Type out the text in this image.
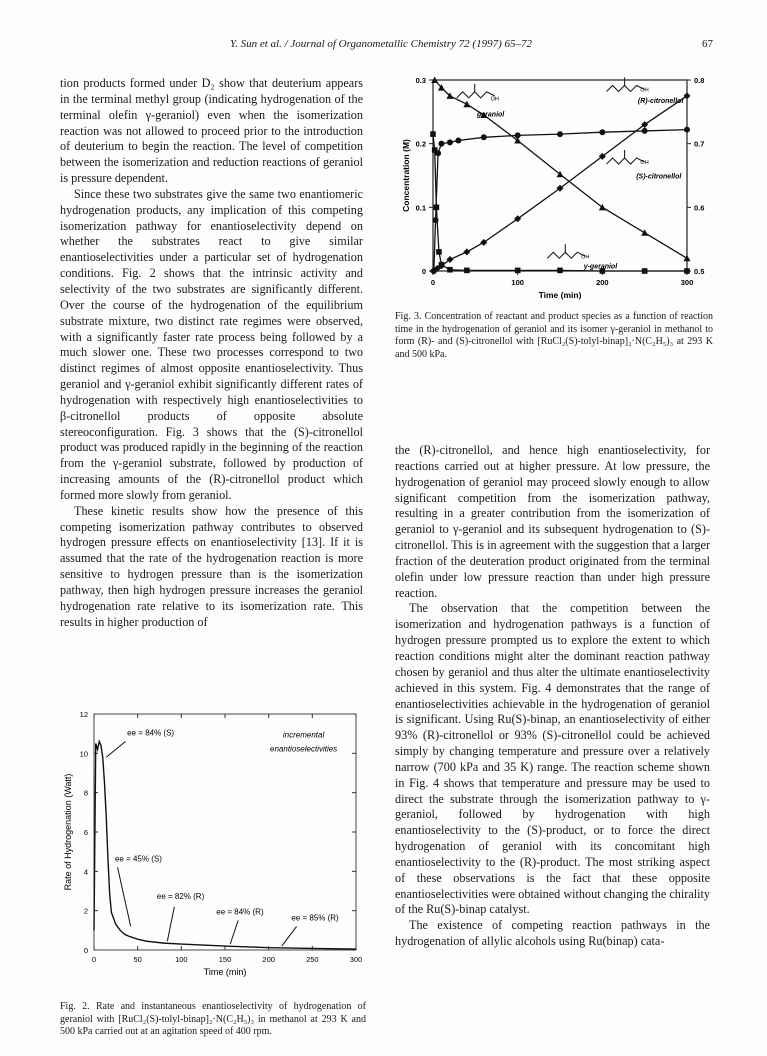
Y. Sun et al. / Journal of Organometallic Chemistry 72 (1997) 65–72	67

tion products formed under D₂ show that deuterium appears in the terminal methyl group (indicating hydrogenation of the terminal olefin γ-geraniol) even when the isomerization reaction was not allowed to proceed prior to the introduction of deuterium to begin the reaction. The level of competition between the isomerization and reduction reactions of geraniol is pressure dependent.

Since these two substrates give the same two enantiomeric hydrogenation products, any implication of this competing isomerization pathway for enantioselectivity depend on whether the substrates react to give similar enantioselectivities under a particular set of hydrogenation conditions. Fig. 2 shows that the intrinsic activity and selectivity of the two substrates are significantly different. Over the course of the hydrogenation of the equilibrium substrate mixture, two distinct rate regimes were observed, with a significantly faster rate process being followed by a much slower one. These two processes correspond to two distinct regimes of almost opposite enantioselectivity. Thus geraniol and γ-geraniol exhibit significantly different rates of hydrogenation with respectively high enantioselectivities to β-citronellol products of opposite absolute stereoconfiguration. Fig. 3 shows that the (S)-citronellol product was produced rapidly in the beginning of the reaction from the γ-geraniol substrate, followed by production of increasing amounts of the (R)-citronellol product which formed more slowly from geraniol.

These kinetic results show how the presence of this competing isomerization pathway contributes to observed hydrogen pressure effects on enantioselectivity [13]. If it is assumed that the rate of the hydrogenation reaction is more sensitive to hydrogen pressure than is the isomerization pathway, then high hydrogen pressure increases the geraniol hydrogenation rate relative to its isomerization rate. This results in higher production of

the (R)-citronellol, and hence high enantioselectivity, for reactions carried out at higher pressure. At low pressure, the hydrogenation of geraniol may proceed slowly enough to allow significant competition from the isomerization pathway, resulting in a greater contribution from the isomerization of geraniol to γ-geraniol and its subsequent hydrogenation to (S)-citronellol. This is in agreement with the suggestion that a larger fraction of the deuteration product originated from the terminal olefin under low pressure reaction than under high pressure reaction.

The observation that the competition between the isomerization and hydrogenation pathways is a function of hydrogen pressure prompted us to explore the extent to which reaction conditions might alter the dominant reaction pathway chosen by geraniol and thus alter the ultimate enantioselectivity achieved in this system. Fig. 4 demonstrates that the range of enantioselectivities achievable in the hydrogenation of geraniol is significant. Using Ru(S)-binap, an enantioselectivity of either 93% (R)-citronellol or 93% (S)-citronellol could be achieved simply by changing temperature and pressure over a relatively narrow (700 kPa and 35 K) range. The reaction scheme shown in Fig. 4 shows that temperature and pressure may be used to direct the substrate through the isomerization pathway to γ-geraniol, followed by hydrogenation with high enantioselectivity to the (S)-product, or to force the direct hydrogenation of geraniol with its concomitant high enantioselectivity to the (R)-product. The most striking aspect of these observations is the fact that these opposite enantioselectivities were obtained without changing the chirality of the Ru(S)-binap catalyst.

The existence of competing reaction pathways in the hydrogenation of allylic alcohols using Ru(binap) cata-

0	100	200	300
0
0.1
0.2
0.3
0.5
0.6
0.7
0.8
Time (min)
Concentration (M)
geraniol
(R)-citronellol
(S)-citronellol
γ-geraniol
OH
OH
OH
OH
Fig. 3. Concentration of reactant and product species as a function of reaction time in the hydrogenation of geraniol and its isomer γ-geraniol in methanol to form (R)- and (S)-citronellol with [RuCl₂(S)-tolyl-binap]₂·N(C₂H₅)₃ at 293 K and 500 kPa.
0	50	100	150	200	250	300
0
2
4
6
8
10
12
Time (min)
Rate of Hydrogenation (Watt)
ee = 84% (S)
ee = 45% (S)
ee = 82% (R)
ee = 84% (R)
ee = 85% (R)
incremental
enantioselectivities
Fig. 2. Rate and instantaneous enantioselectivity of hydrogenation of geraniol with [RuCl₂(S)-tolyl-binap]₂·N(C₂H₅)₃ in methanol at 293 K and 500 kPa carried out at an agitation speed of 400 rpm.
